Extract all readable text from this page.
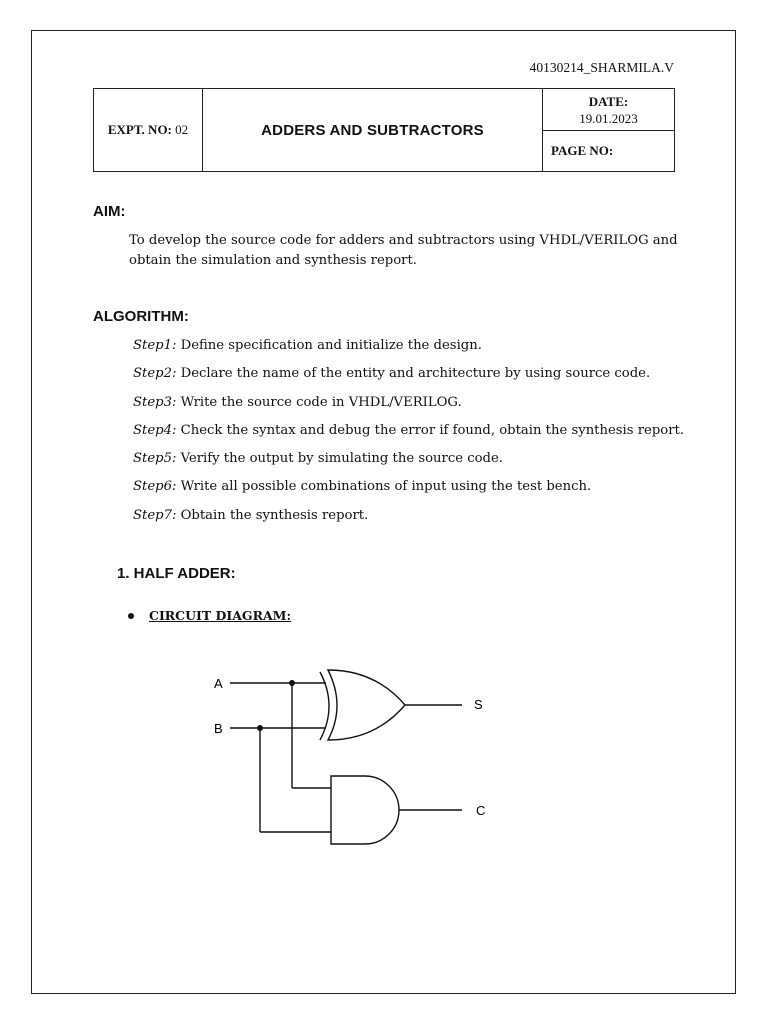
40130214_SHARMILA.V
EXPT. NO: 02	ADDERS AND SUBTRACTORS	DATE:
19.01.2023
PAGE NO:
AIM:
To develop the source code for adders and subtractors using VHDL/VERILOG and obtain the simulation and synthesis report.
ALGORITHM:
Step1: Define specification and initialize the design.
Step2: Declare the name of the entity and architecture by using source code.
Step3: Write the source code in VHDL/VERILOG.
Step4: Check the syntax and debug the error if found, obtain the synthesis report.
Step5: Verify the output by simulating the source code.
Step6: Write all possible combinations of input using the test bench.
Step7: Obtain the synthesis report.
1. HALF ADDER:
CIRCUIT DIAGRAM:
A
B
S
C
